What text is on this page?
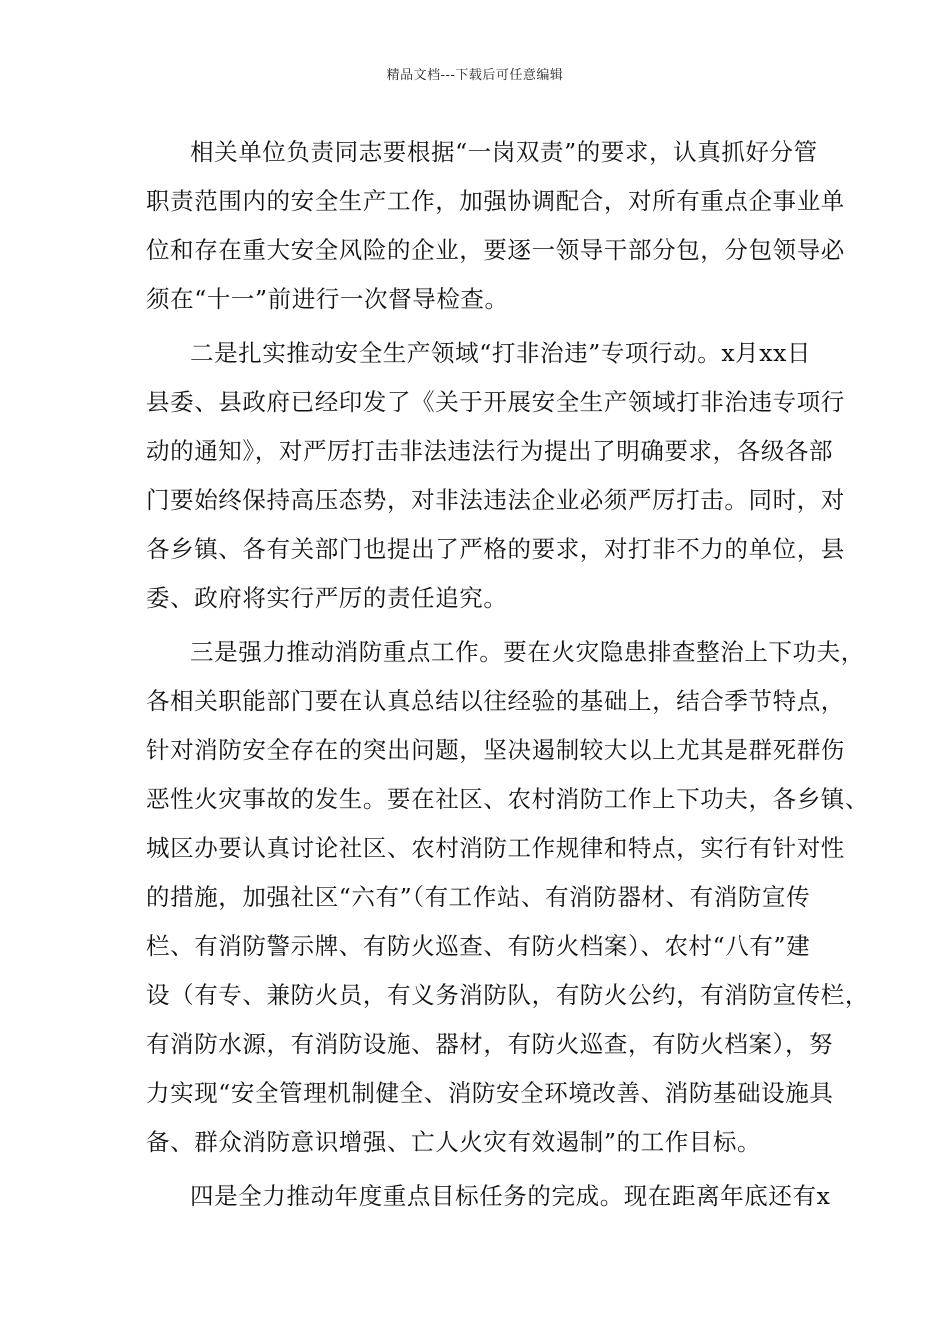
精品文档---下载后可任意编辑
相关单位负责同志要根据“一岗双责”的要求，认真抓好分管
职责范围内的安全生产工作，加强协调配合，对所有重点企事业单
位和存在重大安全风险的企业，要逐一领导干部分包，分包领导必
须在“十一”前进行一次督导检查。
二是扎实推动安全生产领域“打非治违”专项行动。x月xx日
县委、县政府已经印发了《关于开展安全生产领域打非治违专项行
动的通知》，对严厉打击非法违法行为提出了明确要求，各级各部
门要始终保持高压态势，对非法违法企业必须严厉打击。同时，对
各乡镇、各有关部门也提出了严格的要求，对打非不力的单位，县
委、政府将实行严厉的责任追究。
三是强力推动消防重点工作。要在火灾隐患排查整治上下功夫，
各相关职能部门要在认真总结以往经验的基础上，结合季节特点，
针对消防安全存在的突出问题，坚决遏制较大以上尤其是群死群伤
恶性火灾事故的发生。要在社区、农村消防工作上下功夫，各乡镇、
城区办要认真讨论社区、农村消防工作规律和特点，实行有针对性
的措施，加强社区“六有”（有工作站、有消防器材、有消防宣传
栏、有消防警示牌、有防火巡查、有防火档案）、农村“八有”建
设（有专、兼防火员，有义务消防队，有防火公约，有消防宣传栏，
有消防水源，有消防设施、器材，有防火巡查，有防火档案），努
力实现“安全管理机制健全、消防安全环境改善、消防基础设施具
备、群众消防意识增强、亡人火灾有效遏制”的工作目标。
四是全力推动年度重点目标任务的完成。现在距离年底还有x
